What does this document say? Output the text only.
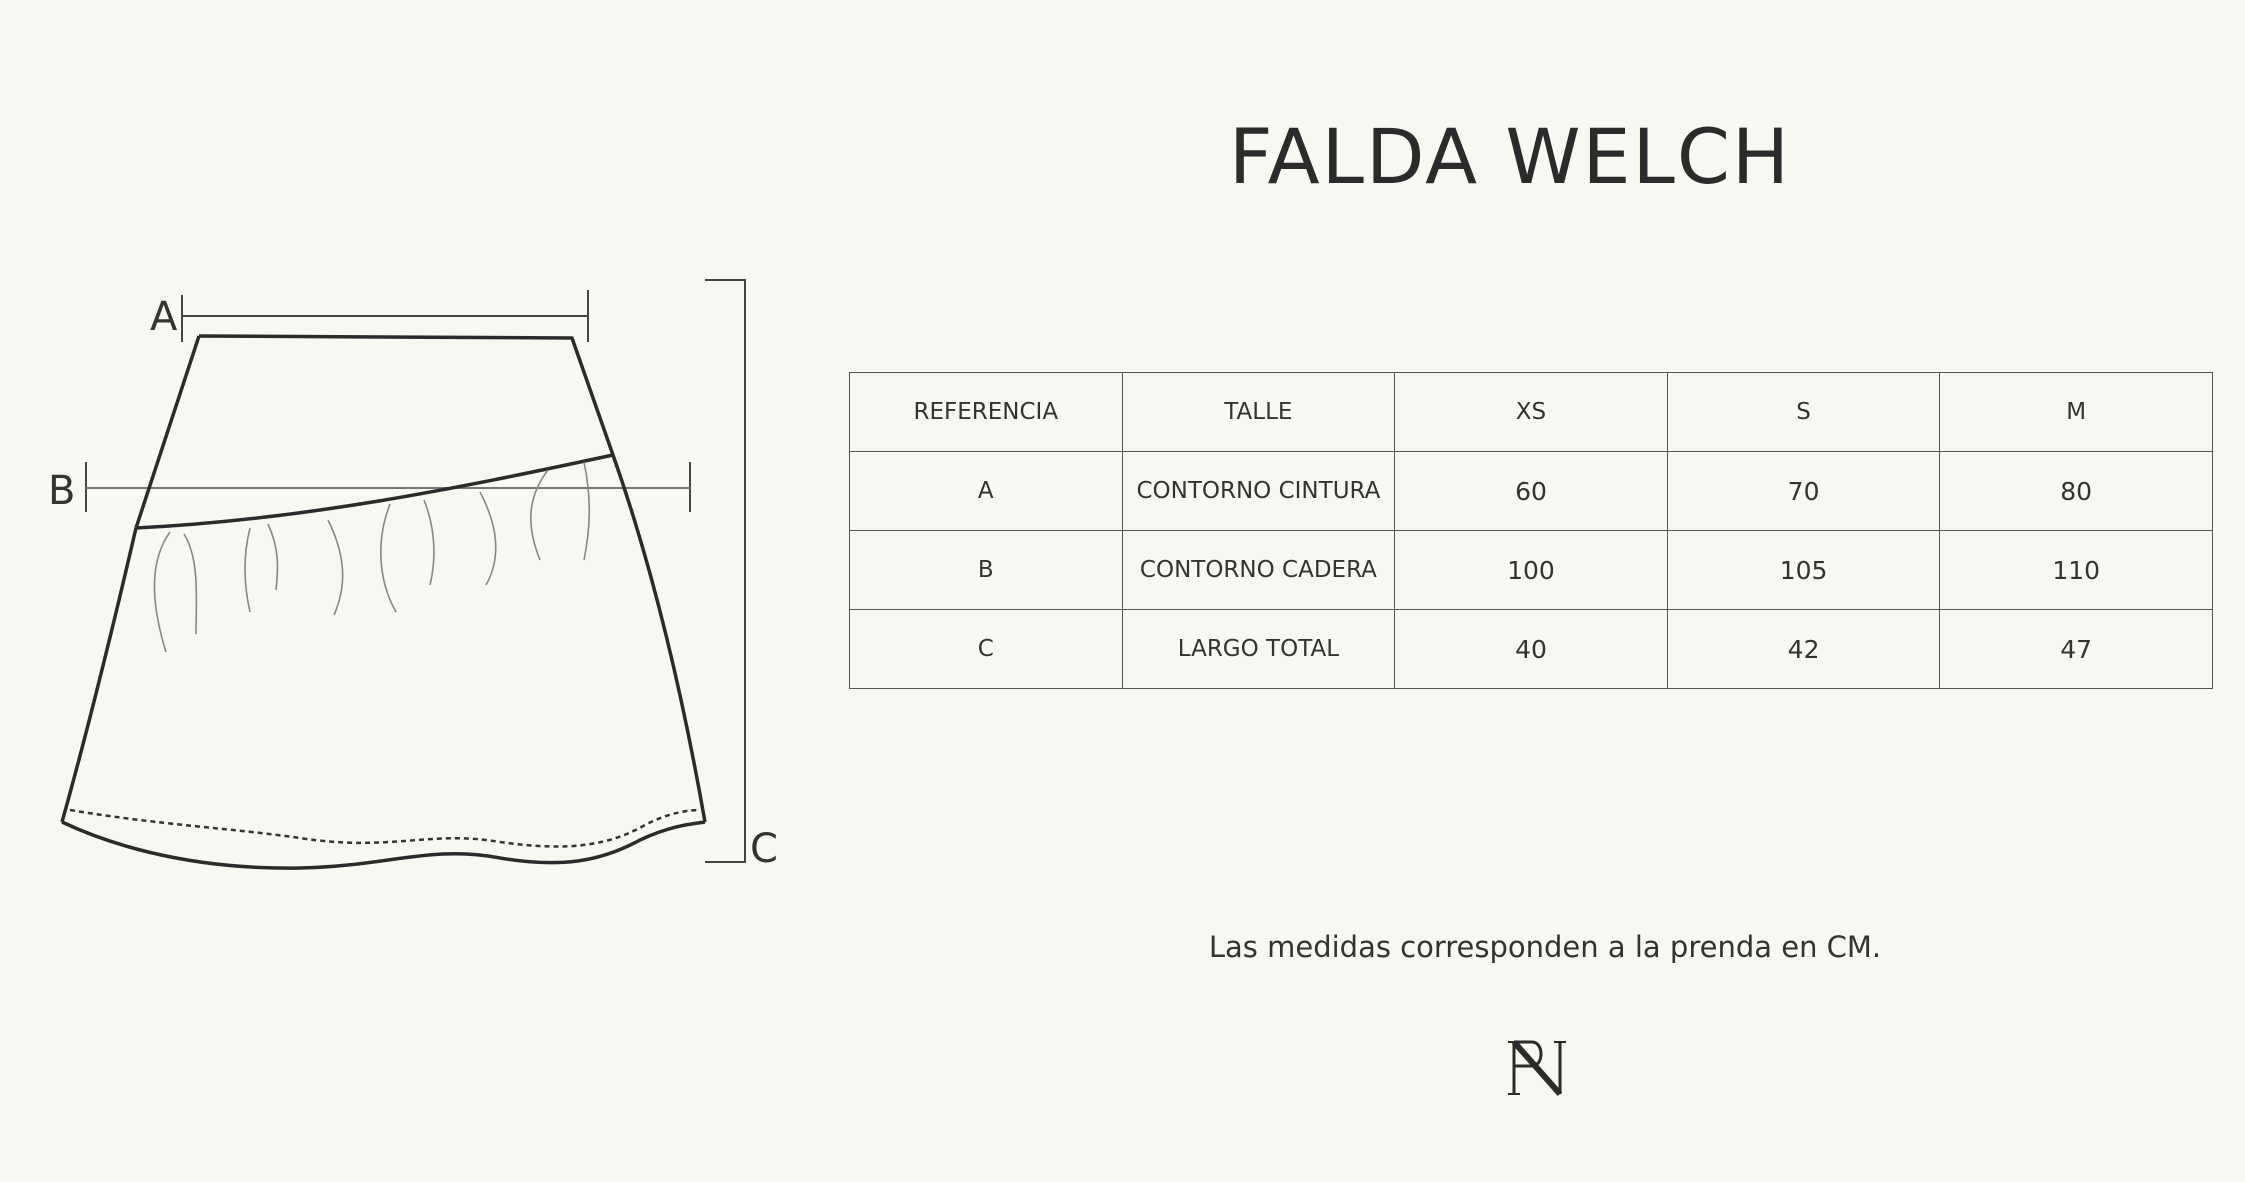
FALDA WELCH
A
B
C
REFERENCIA	TALLE	XS	S	M
A	CONTORNO CINTURA	60	70	80
B	CONTORNO CADERA	100	105	110
C	LARGO TOTAL	40	42	47
Las medidas corresponden a la prenda en CM.
